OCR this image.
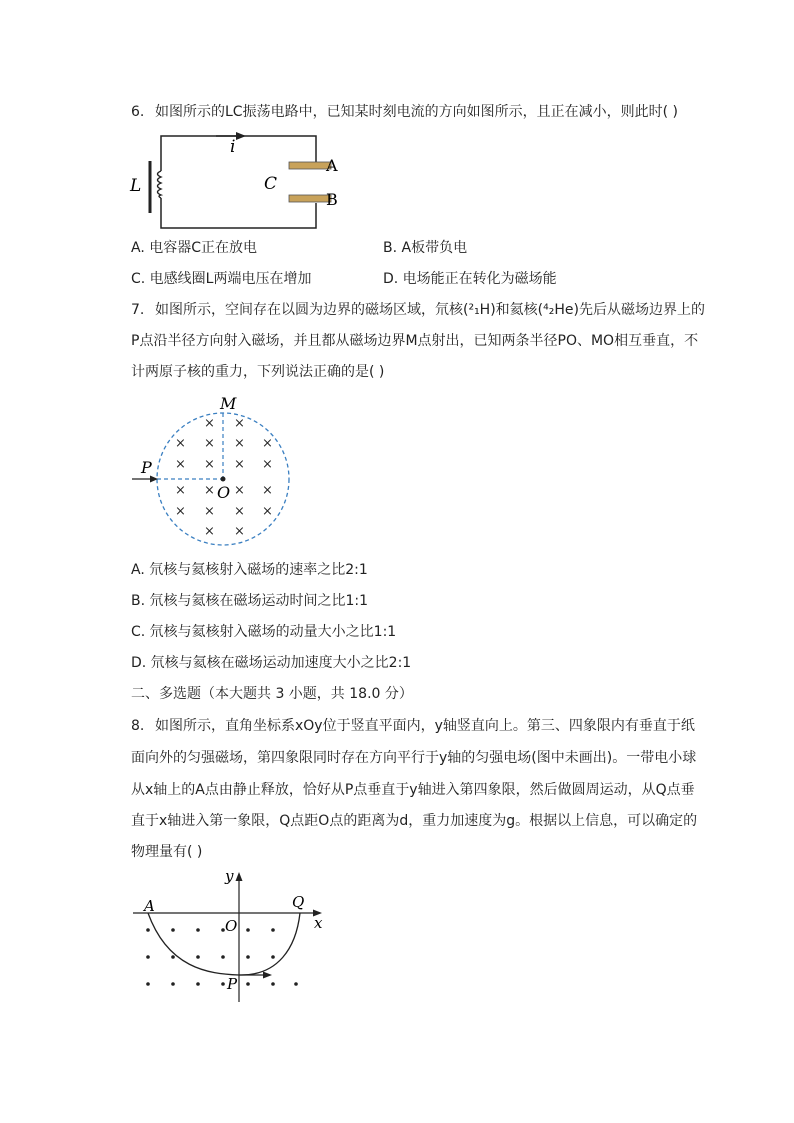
6. 如图所示的LC振荡电路中，已知某时刻电流的方向如图所示，且正在减小，则此时( )
i
L	C
A
B
A. 电容器C正在放电	B. A板带负电
C. 电感线圈L两端电压在增加	D. 电场能正在转化为磁场能
7. 如图所示，空间存在以圆为边界的磁场区域，氘核(²₁H)和氦核(⁴₂He)先后从磁场边界上的
P点沿半径方向射入磁场，并且都从磁场边界M点射出，已知两条半径PO、MO相互垂直，不
计两原子核的重力，下列说法正确的是( )
M
P
O
× ×
× × × ×
× × × ×
× × × ×
× × × ×
× ×
A. 氘核与氦核射入磁场的速率之比2:1
B. 氘核与氦核在磁场运动时间之比1:1
C. 氘核与氦核射入磁场的动量大小之比1:1
D. 氘核与氦核在磁场运动加速度大小之比2:1
二、多选题（本大题共 3 小题，共 18.0 分）
8. 如图所示，直角坐标系xOy位于竖直平面内，y轴竖直向上。第三、四象限内有垂直于纸
面向外的匀强磁场，第四象限同时存在方向平行于y轴的匀强电场(图中未画出)。一带电小球
从x轴上的A点由静止释放，恰好从P点垂直于y轴进入第四象限，然后做圆周运动，从Q点垂
直于x轴进入第一象限，Q点距O点的距离为d，重力加速度为g。根据以上信息，可以确定的
物理量有( )
y
x
A	Q
O
P
